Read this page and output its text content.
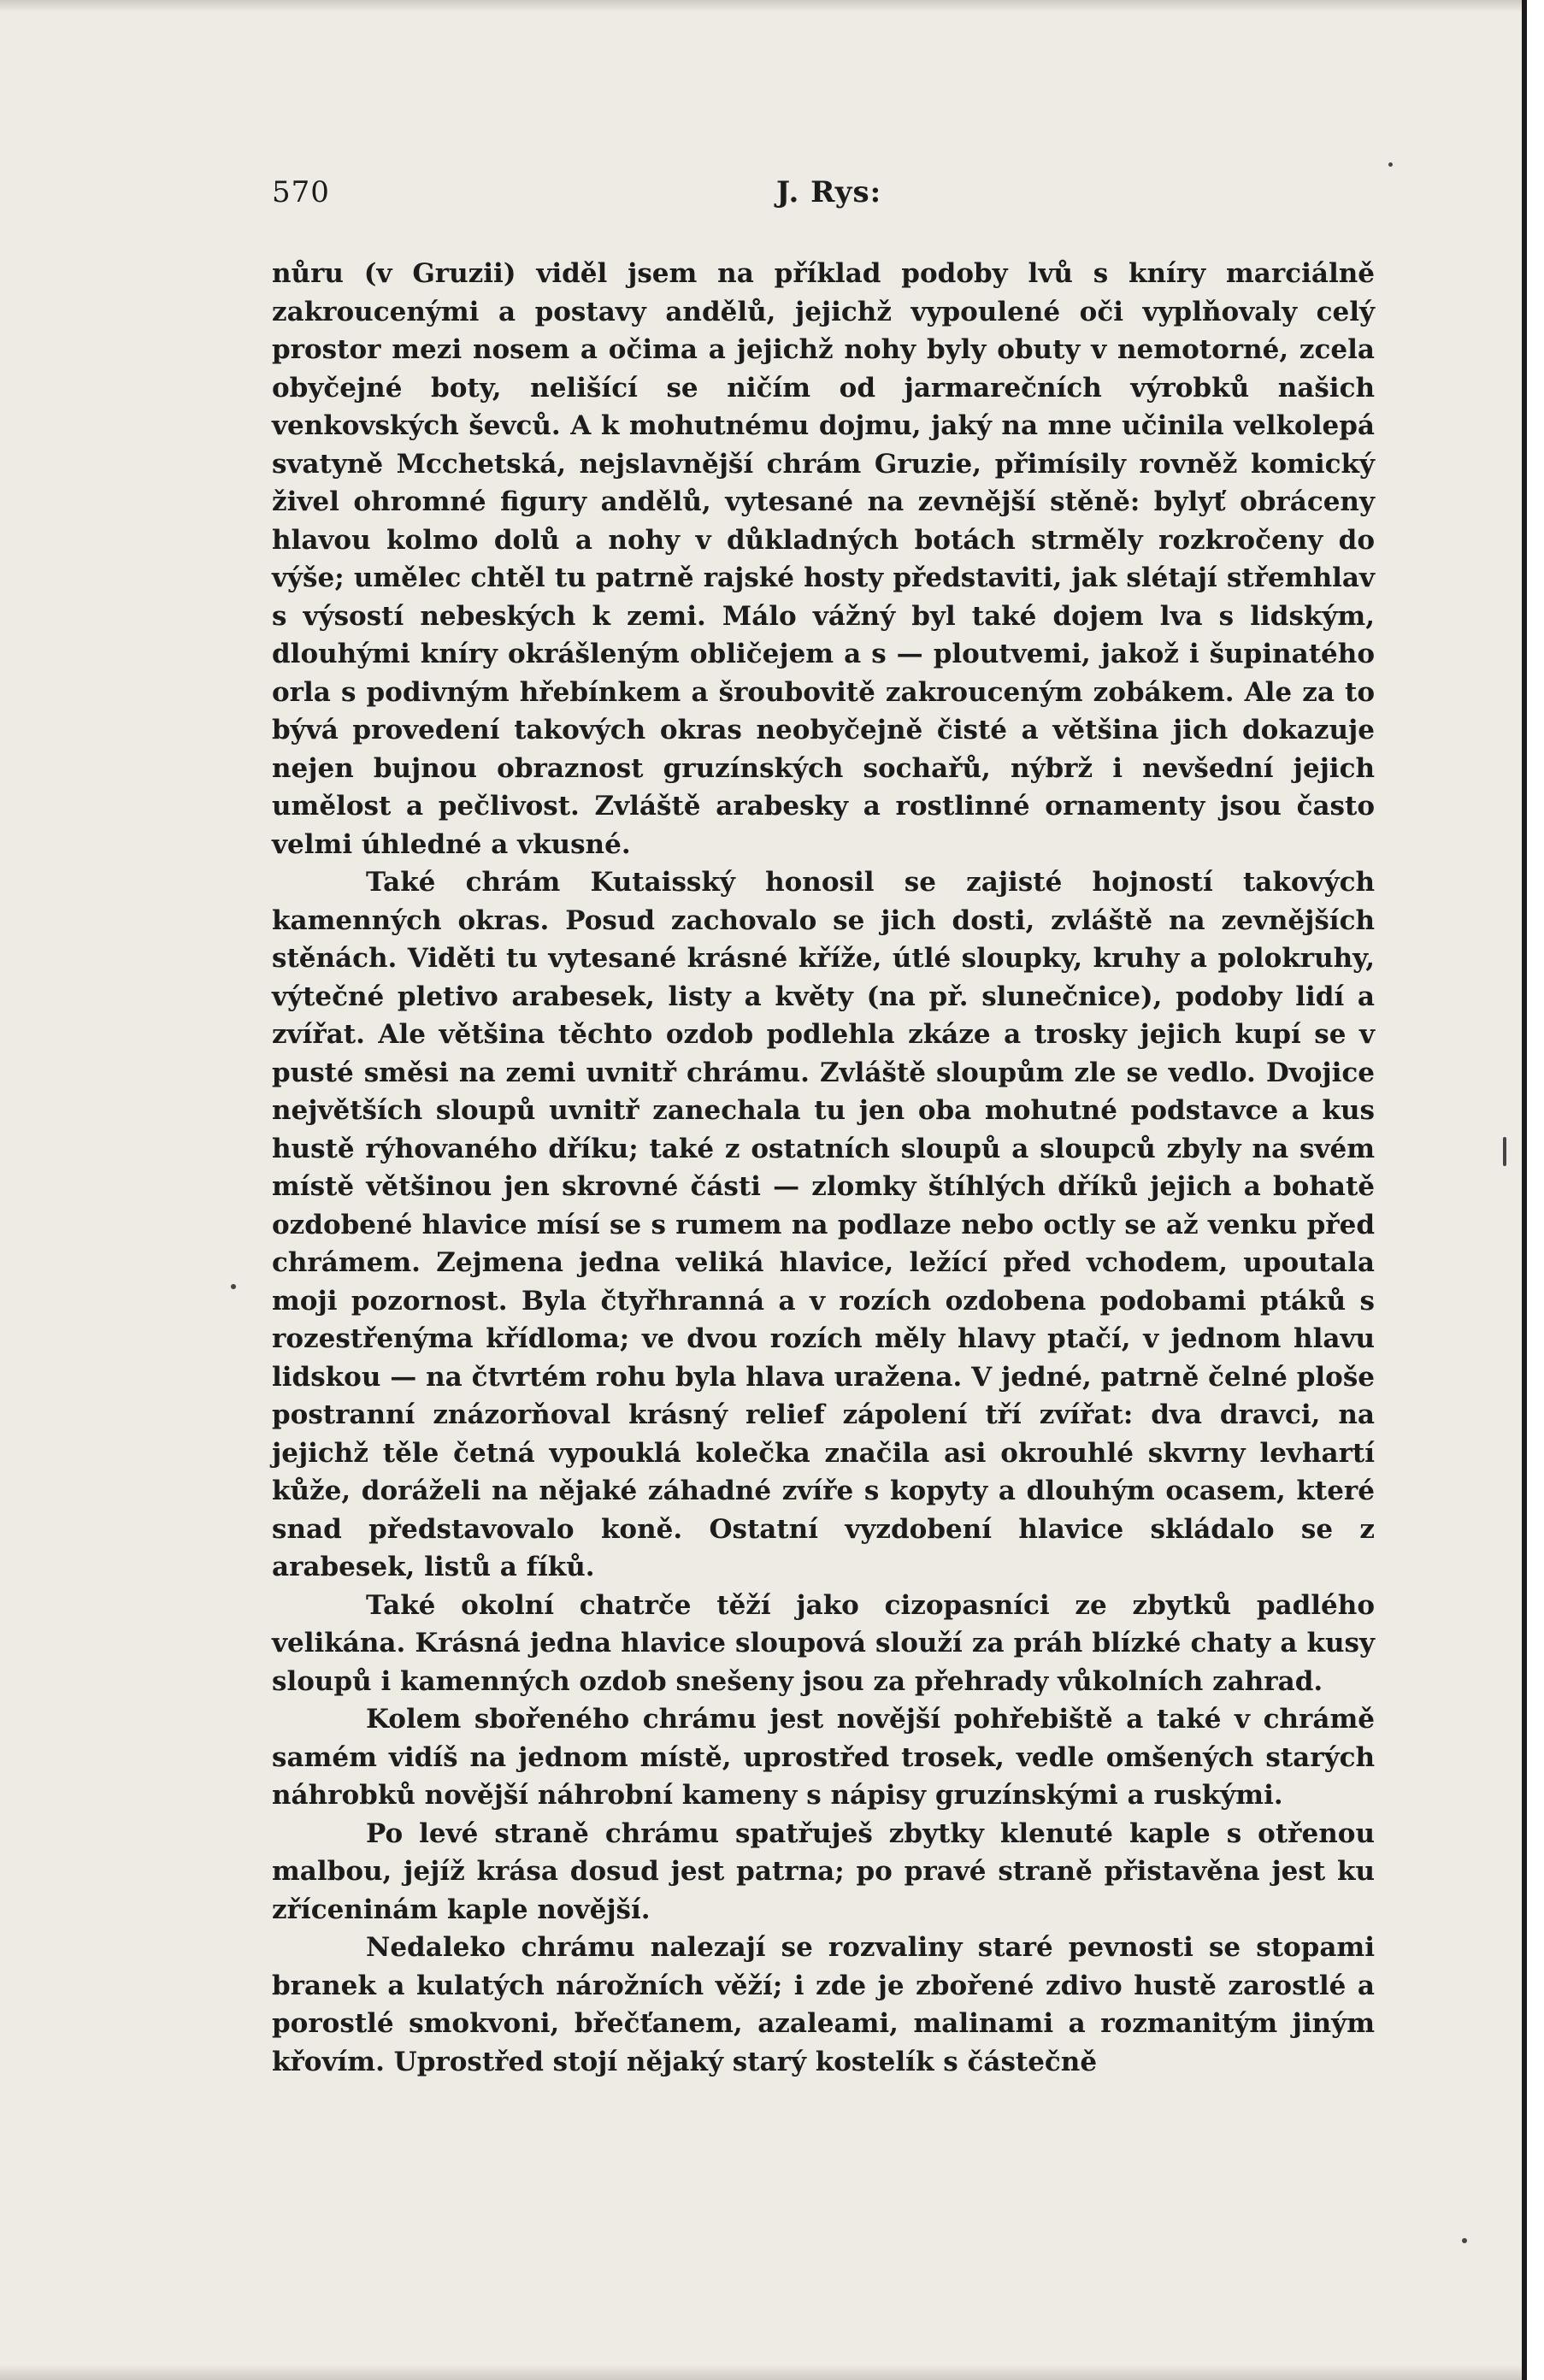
570	J. Rys:

nůru (v Gruzii) viděl jsem na příklad podoby lvů s kníry marciálně zakroucenými a postavy andělů, jejichž vypoulené oči vyplňovaly celý prostor mezi nosem a očima a jejichž nohy byly obuty v nemotorné, zcela obyčejné boty, nelišící se ničím od jarmarečních výrobků našich venkovských ševců. A k mohutnému dojmu, jaký na mne učinila velkolepá svatyně Mcchetská, nejslavnější chrám Gruzie, přimísily rovněž komický živel ohromné figury andělů, vytesané na zevnější stěně: bylyť obráceny hlavou kolmo dolů a nohy v důkladných botách strměly rozkročeny do výše; umělec chtěl tu patrně rajské hosty představiti, jak slétají střemhlav s výsostí nebeských k zemi. Málo vážný byl také dojem lva s lidským, dlouhými kníry okrášleným obličejem a s — ploutvemi, jakož i šupinatého orla s podivným hřebínkem a šroubovitě zakrouceným zobákem. Ale za to bývá provedení takových okras neobyčejně čisté a většina jich dokazuje nejen bujnou obraznost gruzínských sochařů, nýbrž i nevšední jejich umělost a pečlivost. Zvláště arabesky a rostlinné ornamenty jsou často velmi úhledné a vkusné.

Také chrám Kutaisský honosil se zajisté hojností takových kamenných okras. Posud zachovalo se jich dosti, zvláště na zevnějších stěnách. Viděti tu vytesané krásné kříže, útlé sloupky, kruhy a polokruhy, výtečné pletivo arabesek, listy a květy (na př. slunečnice), podoby lidí a zvířat. Ale většina těchto ozdob podlehla zkáze a trosky jejich kupí se v pusté směsi na zemi uvnitř chrámu. Zvláště sloupům zle se vedlo. Dvojice největších sloupů uvnitř zanechala tu jen oba mohutné podstavce a kus hustě rýhovaného dříku; také z ostatních sloupů a sloupců zbyly na svém místě většinou jen skrovné části — zlomky štíhlých dříků jejich a bohatě ozdobené hlavice mísí se s rumem na podlaze nebo octly se až venku před chrámem. Zejmena jedna veliká hlavice, ležící před vchodem, upoutala moji pozornost. Byla čtyřhranná a v rozích ozdobena podobami ptáků s rozestřenýma křídloma; ve dvou rozích měly hlavy ptačí, v jednom hlavu lidskou — na čtvrtém rohu byla hlava uražena. V jedné, patrně čelné ploše postranní znázorňoval krásný relief zápolení tří zvířat: dva dravci, na jejichž těle četná vypouklá kolečka značila asi okrouhlé skvrny levhartí kůže, doráželi na nějaké záhadné zvíře s kopyty a dlouhým ocasem, které snad představovalo koně. Ostatní vyzdobení hlavice skládalo se z arabesek, listů a fíků.

Také okolní chatrče těží jako cizopasníci ze zbytků padlého velikána. Krásná jedna hlavice sloupová slouží za práh blízké chaty a kusy sloupů i kamenných ozdob snešeny jsou za přehrady vůkolních zahrad.

Kolem sbořeného chrámu jest novější pohřebiště a také v chrámě samém vidíš na jednom místě, uprostřed trosek, vedle omšených starých náhrobků novější náhrobní kameny s nápisy gruzínskými a ruskými.

Po levé straně chrámu spatřuješ zbytky klenuté kaple s otřenou malbou, jejíž krása dosud jest patrna; po pravé straně přistavěna jest ku zříceninám kaple novější.

Nedaleko chrámu nalezají se rozvaliny staré pevnosti se stopami branek a kulatých nárožních věží; i zde je zbořené zdivo hustě zarostlé a porostlé smokvoni, břečťanem, azaleami, malinami a rozmanitým jiným křovím. Uprostřed stojí nějaký starý kostelík s částečně
